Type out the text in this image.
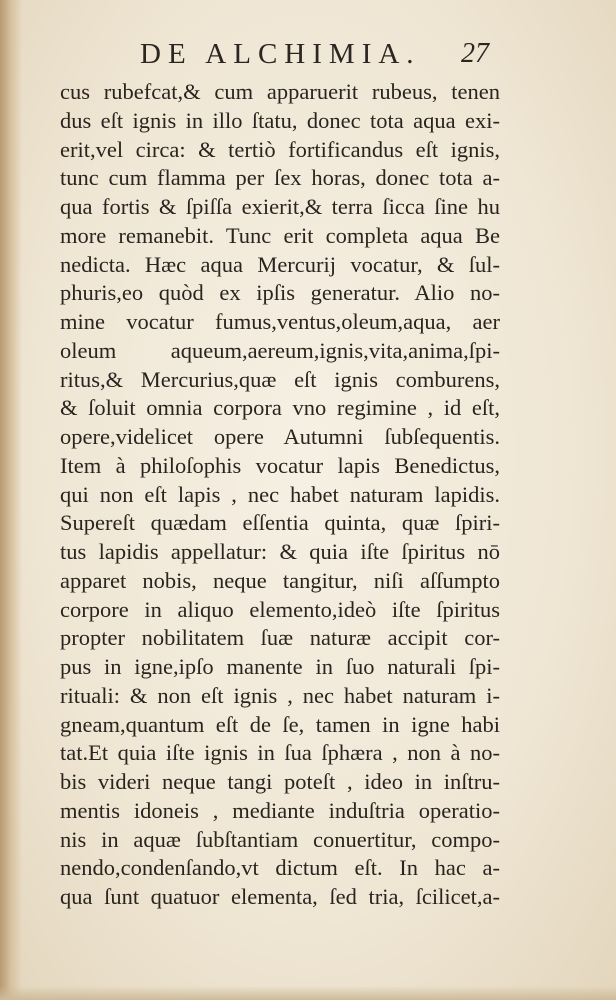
DE ALCHIMIA. 27
cus rubefcat,& cum apparuerit rubeus, tenen
dus eſt ignis in illo ſtatu, donec tota aqua exi-
erit,vel circa: & tertiò fortificandus eſt ignis,
tunc cum flamma per ſex horas, donec tota a-
qua fortis & ſpiſſa exierit,& terra ſicca ſine hu
more remanebit. Tunc erit completa aqua Be
nedicta. Hæc aqua Mercurij vocatur, & ſul-
phuris,eo quòd ex ipſis generatur. Alio no-
mine vocatur fumus,ventus,oleum,aqua, aer
oleum aqueum,aereum,ignis,vita,anima,ſpi-
ritus,& Mercurius,quæ eſt ignis comburens,
& ſoluit omnia corpora vno regimine , id eſt,
opere,videlicet opere Autumni ſubſequentis.
Item à philoſophis vocatur lapis Benedictus,
qui non eſt lapis , nec habet naturam lapidis.
Supereſt quædam eſſentia quinta, quæ ſpiri-
tus lapidis appellatur: & quia iſte ſpiritus nō
apparet nobis, neque tangitur, niſi aſſumpto
corpore in aliquo elemento,ideò iſte ſpiritus
propter nobilitatem ſuæ naturæ accipit cor-
pus in igne,ipſo manente in ſuo naturali ſpi-
rituali: & non eſt ignis , nec habet naturam i-
gneam,quantum eſt de ſe, tamen in igne habi
tat.Et quia iſte ignis in ſua ſphæra , non à no-
bis videri neque tangi poteſt , ideo in inſtru-
mentis idoneis , mediante induſtria operatio-
nis in aquæ ſubſtantiam conuertitur, compo-
nendo,condenſando,vt dictum eſt. In hac a-
qua ſunt quatuor elementa, ſed tria, ſcilicet,a-
